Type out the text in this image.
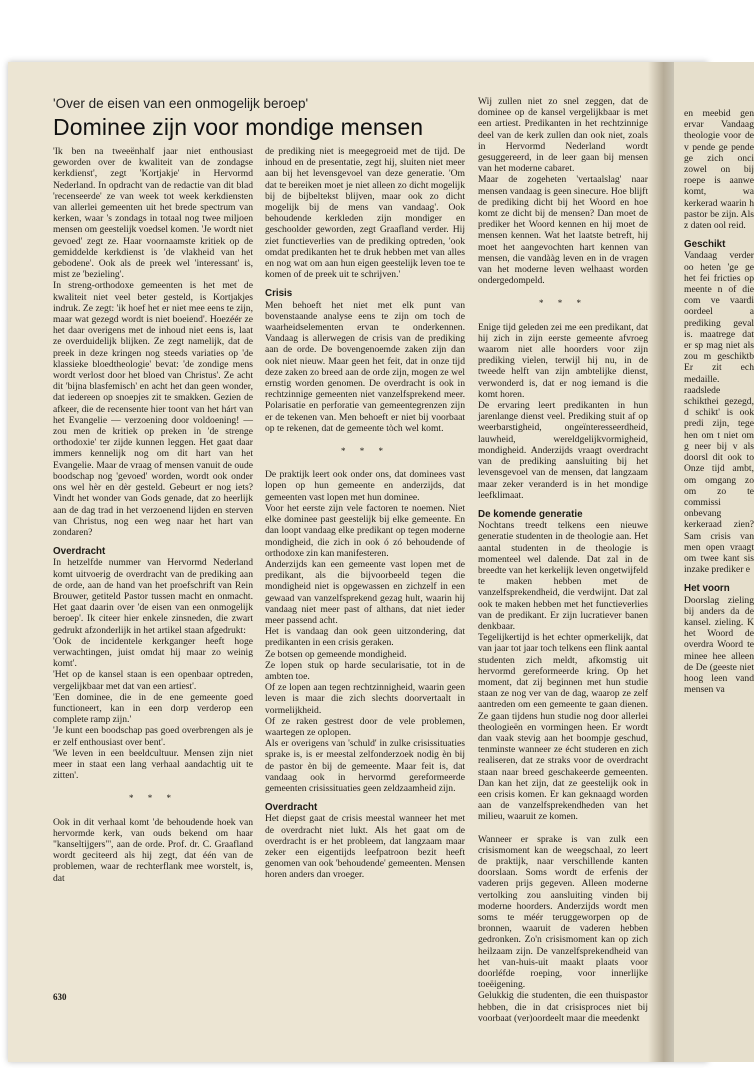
'Over de eisen van een onmogelijk beroep'
Dominee zijn voor mondige mensen

'Ik ben na tweeënhalf jaar niet enthousiast geworden over de kwaliteit van de zondagse kerkdienst', zegt 'Kortjakje' in Hervormd Nederland. In opdracht van de redactie van dit blad 'recenseerde' ze van week tot week kerkdiensten van allerlei gemeenten uit het brede spectrum van kerken, waar 's zondags in totaal nog twee miljoen mensen om geestelijk voedsel komen. 'Je wordt niet gevoed' zegt ze. Haar voornaamste kritiek op de gemiddelde kerkdienst is 'de vlakheid van het gebodene'. Ook als de preek wel 'interessant' is, mist ze 'bezieling'.

In streng-orthodoxe gemeenten is het met de kwaliteit niet veel beter gesteld, is Kortjakjes indruk. Ze zegt: 'ik hoef het er niet mee eens te zijn, maar wat gezegd wordt is niet boeiend'. Hoezéér ze het daar overigens met de inhoud niet eens is, laat ze overduidelijk blijken. Ze zegt namelijk, dat de preek in deze kringen nog steeds variaties op 'de klassieke bloedtheologie' bevat: 'de zondige mens wordt verlost door het bloed van Christus'. Ze acht dit 'bijna blasfemisch' en acht het dan geen wonder, dat iedereen op snoepjes zit te smakken. Gezien de afkeer, die de recensente hier toont van het hárt van het Evangelie — verzoening door voldoening! — zou men de kritiek op preken in 'de strenge orthodoxie' ter zijde kunnen leggen. Het gaat daar immers kennelijk nog om dit hart van het Evangelie. Maar de vraag of mensen vanuit de oude boodschap nog 'gevoed' worden, wordt ook onder ons wel hèr en dèr gesteld. Gebeurt er nog iets? Vindt het wonder van Gods genade, dat zo heerlijk aan de dag trad in het verzoenend lijden en sterven van Christus, nog een weg naar het hart van zondaren?

Overdracht

In hetzelfde nummer van Hervormd Nederland komt uitvoerig de overdracht van de prediking aan de orde, aan de hand van het proefschrift van Rein Brouwer, getiteld Pastor tussen macht en onmacht. Het gaat daarin over 'de eisen van een onmogelijk beroep'. Ik citeer hier enkele zinsneden, die zwart gedrukt afzonderlijk in het artikel staan afgedrukt:

'Ook de incidentele kerkganger heeft hoge verwachtingen, juist omdat hij maar zo weinig komt'.

'Het op de kansel staan is een openbaar optreden, vergelijkbaar met dat van een artiest'.

'Een dominee, die in de ene gemeente goed functioneert, kan in een dorp verderop een complete ramp zijn.'

'Je kunt een boodschap pas goed overbrengen als je er zelf enthousiast over bent'.

'We leven in een beeldcultuur. Mensen zijn niet meer in staat een lang verhaal aandachtig uit te zitten'.

* * *

Ook in dit verhaal komt 'de behoudende hoek van hervormde kerk, van ouds bekend om haar "kanseltijgers"', aan de orde. Prof. dr. C. Graafland wordt geciteerd als hij zegt, dat één van de problemen, waar de rechterflank mee worstelt, is, dat

de prediking niet is meegegroeid met de tijd. De inhoud en de presentatie, zegt hij, sluiten niet meer aan bij het levensgevoel van deze generatie. 'Om dat te bereiken moet je niet alleen zo dicht mogelijk bij de bijbeltekst blijven, maar ook zo dicht mogelijk bij de mens van vandaag'. Ook behoudende kerkleden zijn mondiger en geschoolder geworden, zegt Graafland verder. Hij ziet functieverlies van de prediking optreden, 'ook omdat predikanten het te druk hebben met van alles en nog wat om aan hun eigen geestelijk leven toe te komen of de preek uit te schrijven.'

Crisis

Men behoeft het niet met elk punt van bovenstaande analyse eens te zijn om toch de waarheidselementen ervan te onderkennen. Vandaag is allerwegen de crisis van de prediking aan de orde. De bovengenoemde zaken zijn dan ook niet nieuw. Maar geen het feit, dat in onze tijd deze zaken zo breed aan de orde zijn, mogen ze wel ernstig worden genomen. De overdracht is ook in rechtzinnige gemeenten niet vanzelfsprekend meer. Polarisatie en perforatie van gemeentegrenzen zijn er de tekenen van. Men behoeft er niet bij voorbaat op te rekenen, dat de gemeente tòch wel komt.

* * *

De praktijk leert ook onder ons, dat dominees vast lopen op hun gemeente en anderzijds, dat gemeenten vast lopen met hun dominee.

Voor het eerste zijn vele factoren te noemen. Niet elke dominee past geestelijk bij elke gemeente. En dan loopt vandaag elke predikant op tegen moderne mondigheid, die zich in ook ó zó behoudende of orthodoxe zin kan manifesteren.

Anderzijds kan een gemeente vast lopen met de predikant, als die bijvoorbeeld tegen die mondigheid niet is opgewassen en zichzelf in een gewaad van vanzelfsprekend gezag hult, waarin hij vandaag niet meer past of althans, dat niet ieder meer passend acht.

Het is vandaag dan ook geen uitzondering, dat predikanten in een crisis geraken.

Ze botsen op gemeende mondigheid.

Ze lopen stuk op harde secularisatie, tot in de ambten toe.

Of ze lopen aan tegen rechtzinnigheid, waarin geen leven is maar die zich slechts doorvertaalt in vormelijkheid.

Of ze raken gestrest door de vele problemen, waartegen ze oplopen.

Als er overigens van 'schuld' in zulke crisissituaties sprake is, is er meestal zelfonderzoek nodig èn bij de pastor èn bij de gemeente. Maar feit is, dat vandaag ook in hervormd gereformeerde gemeenten crisissituaties geen zeldzaamheid zijn.

Overdracht

Het diepst gaat de crisis meestal wanneer het met de overdracht niet lukt. Als het gaat om de overdracht is er het probleem, dat langzaam maar zeker een eigentijds leefpatroon bezit heeft genomen van ook 'behoudende' gemeenten. Mensen horen anders dan vroeger.

Wij zullen niet zo snel zeggen, dat de dominee op de kansel vergelijkbaar is met een artiest. Predikanten in het rechtzinnige deel van de kerk zullen dan ook niet, zoals in Hervormd Nederland wordt gesuggereerd, in de leer gaan bij mensen van het moderne cabaret.

Maar de zogeheten 'vertaalslag' naar mensen vandaag is geen sinecure. Hoe blijft de prediking dicht bij het Woord en hoe komt ze dicht bij de mensen? Dan moet de prediker het Woord kennen en hij moet de mensen kennen. Wat het laatste betreft, hij moet het aangevochten hart kennen van mensen, die vandààg leven en in de vragen van het moderne leven welhaast worden ondergedompeld.

* * *

Enige tijd geleden zei me een predikant, dat hij zich in zijn eerste gemeente afvroeg waarom niet alle hoorders voor zijn prediking vielen, terwijl hij nu, in de tweede helft van zijn ambtelijke dienst, verwonderd is, dat er nog iemand is die komt horen.

De ervaring leert predikanten in hun jarenlange dienst veel. Prediking stuit af op weerbarstigheid, ongeïnteresseerdheid, lauwheid, wereldgelijkvormigheid, mondigheid. Anderzijds vraagt overdracht van de prediking aansluiting bij het levensgevoel van de mensen, dat langzaam maar zeker veranderd is in het mondige leefklimaat.

De komende generatie

Nochtans treedt telkens een nieuwe generatie studenten in de theologie aan. Het aantal studenten in de theologie is momenteel wel dalende. Dat zal in de breedte van het kerkelijk leven ongetwijfeld te maken hebben met de vanzelfsprekendheid, die verdwijnt. Dat zal ook te maken hebben met het functieverlies van de predikant. Er zijn lucratiever banen denkbaar.

Tegelijkertijd is het echter opmerkelijk, dat van jaar tot jaar toch telkens een flink aantal studenten zich meldt, afkomstig uit hervormd gereformeerde kring. Op het moment, dat zij beginnen met hun studie staan ze nog ver van de dag, waarop ze zelf aantreden om een gemeente te gaan dienen. Ze gaan tijdens hun studie nog door allerlei theologieën en vormingen heen. Er wordt dan vaak stevig aan het boompje geschud, tenminste wanneer ze écht studeren en zich realiseren, dat ze straks voor de overdracht staan naar breed geschakeerde gemeenten. Dan kan het zijn, dat ze geestelijk ook in een crisis komen. Er kan geknaagd worden aan de vanzelfsprekendheden van het milieu, waaruit ze komen.

Wanneer er sprake is van zulk een crisismoment kan de weegschaal, zo leert de praktijk, naar verschillende kanten doorslaan. Soms wordt de erfenis der vaderen prijs gegeven. Alleen moderne vertolking zou aansluiting vinden bij moderne hoorders. Anderzijds wordt men soms te méér teruggeworpen op de bronnen, waaruit de vaderen hebben gedronken. Zo'n crisismoment kan op zich heilzaam zijn. De vanzelfsprekendheid van het van-huis-uit maakt plaats voor doorléfde roeping, voor innerlijke toeëigening.

Gelukkig die studenten, die een thuispastor hebben, die in dat crisisproces niet bij voorbaat (ver)oordeelt maar die meedenkt

en meebid gen ervar Vandaag theologie voor de v pende ge pende ge zich onci zowel on bij roepe is aanwe komt, wa kerkerad waarin h pastor be zijn. Als z daten ool reid.

Geschikt

Vandaag verder oo heten 'ge ge het fei fricties op meente n of die com ve vaardi oordeel a prediking geval is. maatrege dat er sp mag niet als zou m geschiktb Er zit ech medaille. raadslede schikthei gezegd, d schikt' is ook predi zijn, tege hen om t niet om g neer bij v als doorsl dit ook to Onze tijd ambt, om omgang zo om zo te commissi onbevang kerkeraad zien? Sam crisis van men open vraagt om twee kant sis inzake prediker e

Het voorn

Doorslag zieling bij anders da de kansel. zieling. K het Woord de overdra Woord te minee hee alleen de De (geeste niet hoog leen vand mensen va

630
